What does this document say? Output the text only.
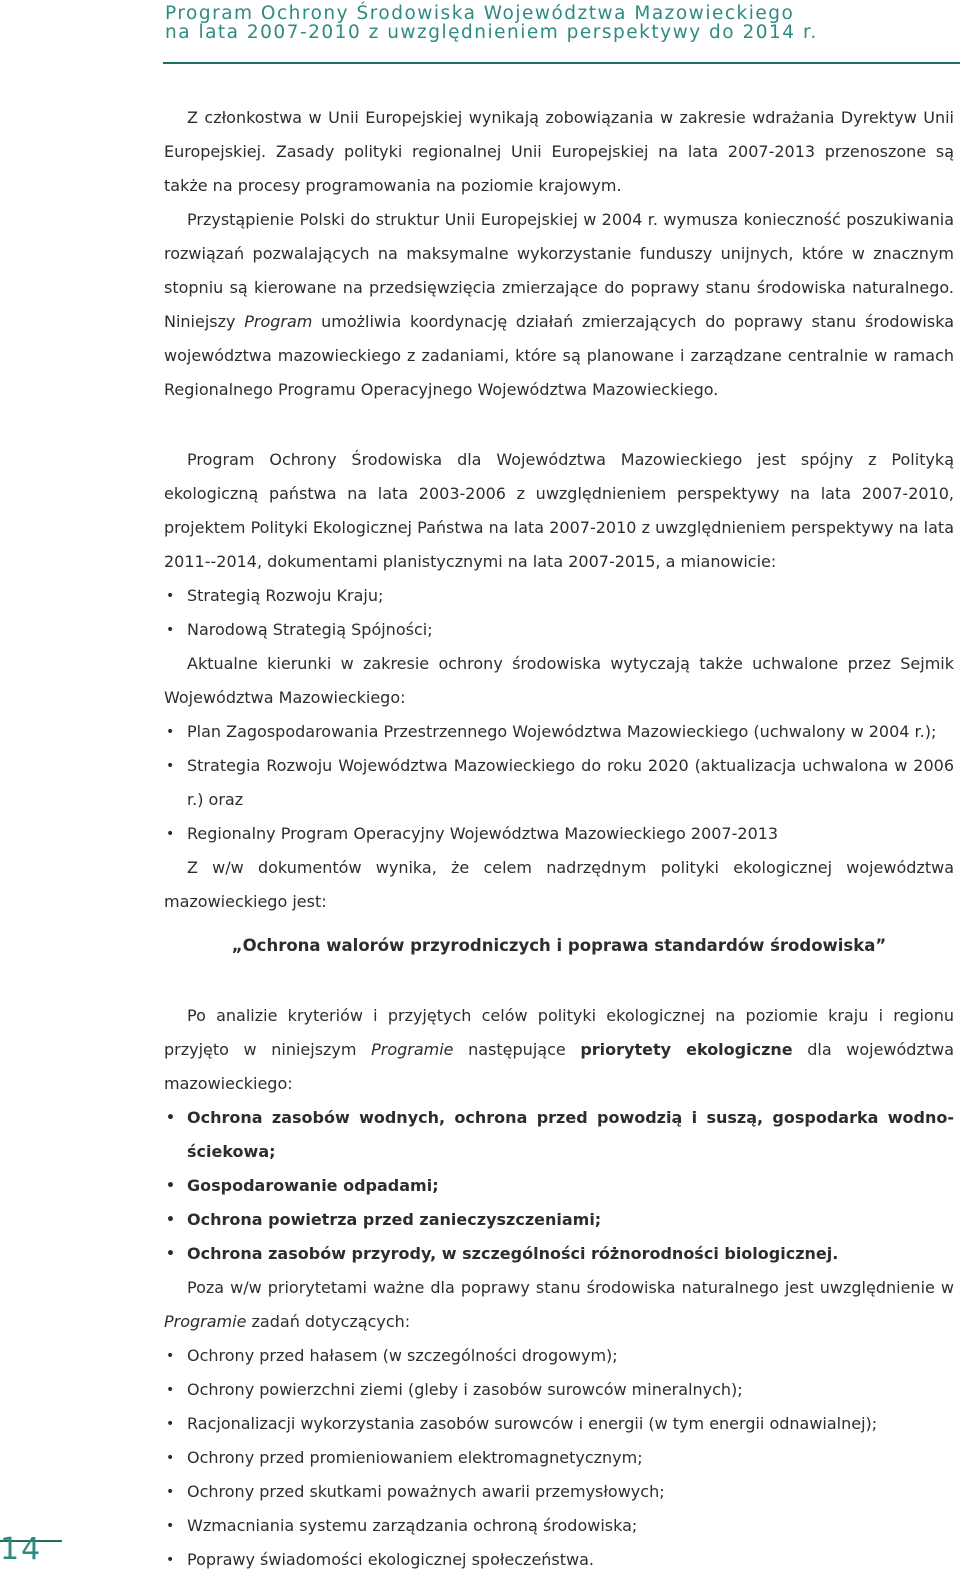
Program Ochrony Środowiska Województwa Mazowieckiego
na lata 2007-2010 z uwzględnieniem perspektywy do 2014 r.

Z członkostwa w Unii Europejskiej wynikają zobowiązania w zakresie wdrażania Dyrektyw Unii Europejskiej. Zasady polityki regionalnej Unii Europejskiej na lata 2007-2013 przenoszone są także na procesy programowania na poziomie krajowym.

Przystąpienie Polski do struktur Unii Europejskiej w 2004 r. wymusza konieczność poszukiwania rozwiązań pozwalających na maksymalne wykorzystanie funduszy unijnych, które w znacznym stopniu są kierowane na przedsięwzięcia zmierzające do poprawy stanu środowiska naturalnego. Niniejszy Program umożliwia koordynację działań zmierzających do poprawy stanu środowiska województwa mazowieckiego z zadaniami, które są planowane i zarządzane centralnie w ramach Regionalnego Programu Operacyjnego Województwa Mazowieckiego.

Program Ochrony Środowiska dla Województwa Mazowieckiego jest spójny z Polityką ekologiczną państwa na lata 2003-2006 z uwzględnieniem perspektywy na lata 2007-2010, projektem Polityki Ekologicznej Państwa na lata 2007-2010 z uwzględnieniem perspektywy na lata 2011--2014, dokumentami planistycznymi na lata 2007-2015, a mianowicie:

• Strategią Rozwoju Kraju;
• Narodową Strategią Spójności;

Aktualne kierunki w zakresie ochrony środowiska wytyczają także uchwalone przez Sejmik Województwa Mazowieckiego:

• Plan Zagospodarowania Przestrzennego Województwa Mazowieckiego (uchwalony w 2004 r.);
• Strategia Rozwoju Województwa Mazowieckiego do roku 2020 (aktualizacja uchwalona w 2006 r.) oraz
• Regionalny Program Operacyjny Województwa Mazowieckiego 2007-2013

Z w/w dokumentów wynika, że celem nadrzędnym polityki ekologicznej województwa mazowieckiego jest:

„Ochrona walorów przyrodniczych i poprawa standardów środowiska”

Po analizie kryteriów i przyjętych celów polityki ekologicznej na poziomie kraju i regionu przyjęto w niniejszym Programie następujące priorytety ekologiczne dla województwa mazowieckiego:

• Ochrona zasobów wodnych, ochrona przed powodzią i suszą, gospodarka wodno-ściekowa;
• Gospodarowanie odpadami;
• Ochrona powietrza przed zanieczyszczeniami;
• Ochrona zasobów przyrody, w szczególności różnorodności biologicznej.

Poza w/w priorytetami ważne dla poprawy stanu środowiska naturalnego jest uwzględnienie w Programie zadań dotyczących:

• Ochrony przed hałasem (w szczególności drogowym);
• Ochrony powierzchni ziemi (gleby i zasobów surowców mineralnych);
• Racjonalizacji wykorzystania zasobów surowców i energii (w tym energii odnawialnej);
• Ochrony przed promieniowaniem elektromagnetycznym;
• Ochrony przed skutkami poważnych awarii przemysłowych;
• Wzmacniania systemu zarządzania ochroną środowiska;
• Poprawy świadomości ekologicznej społeczeństwa.
14
